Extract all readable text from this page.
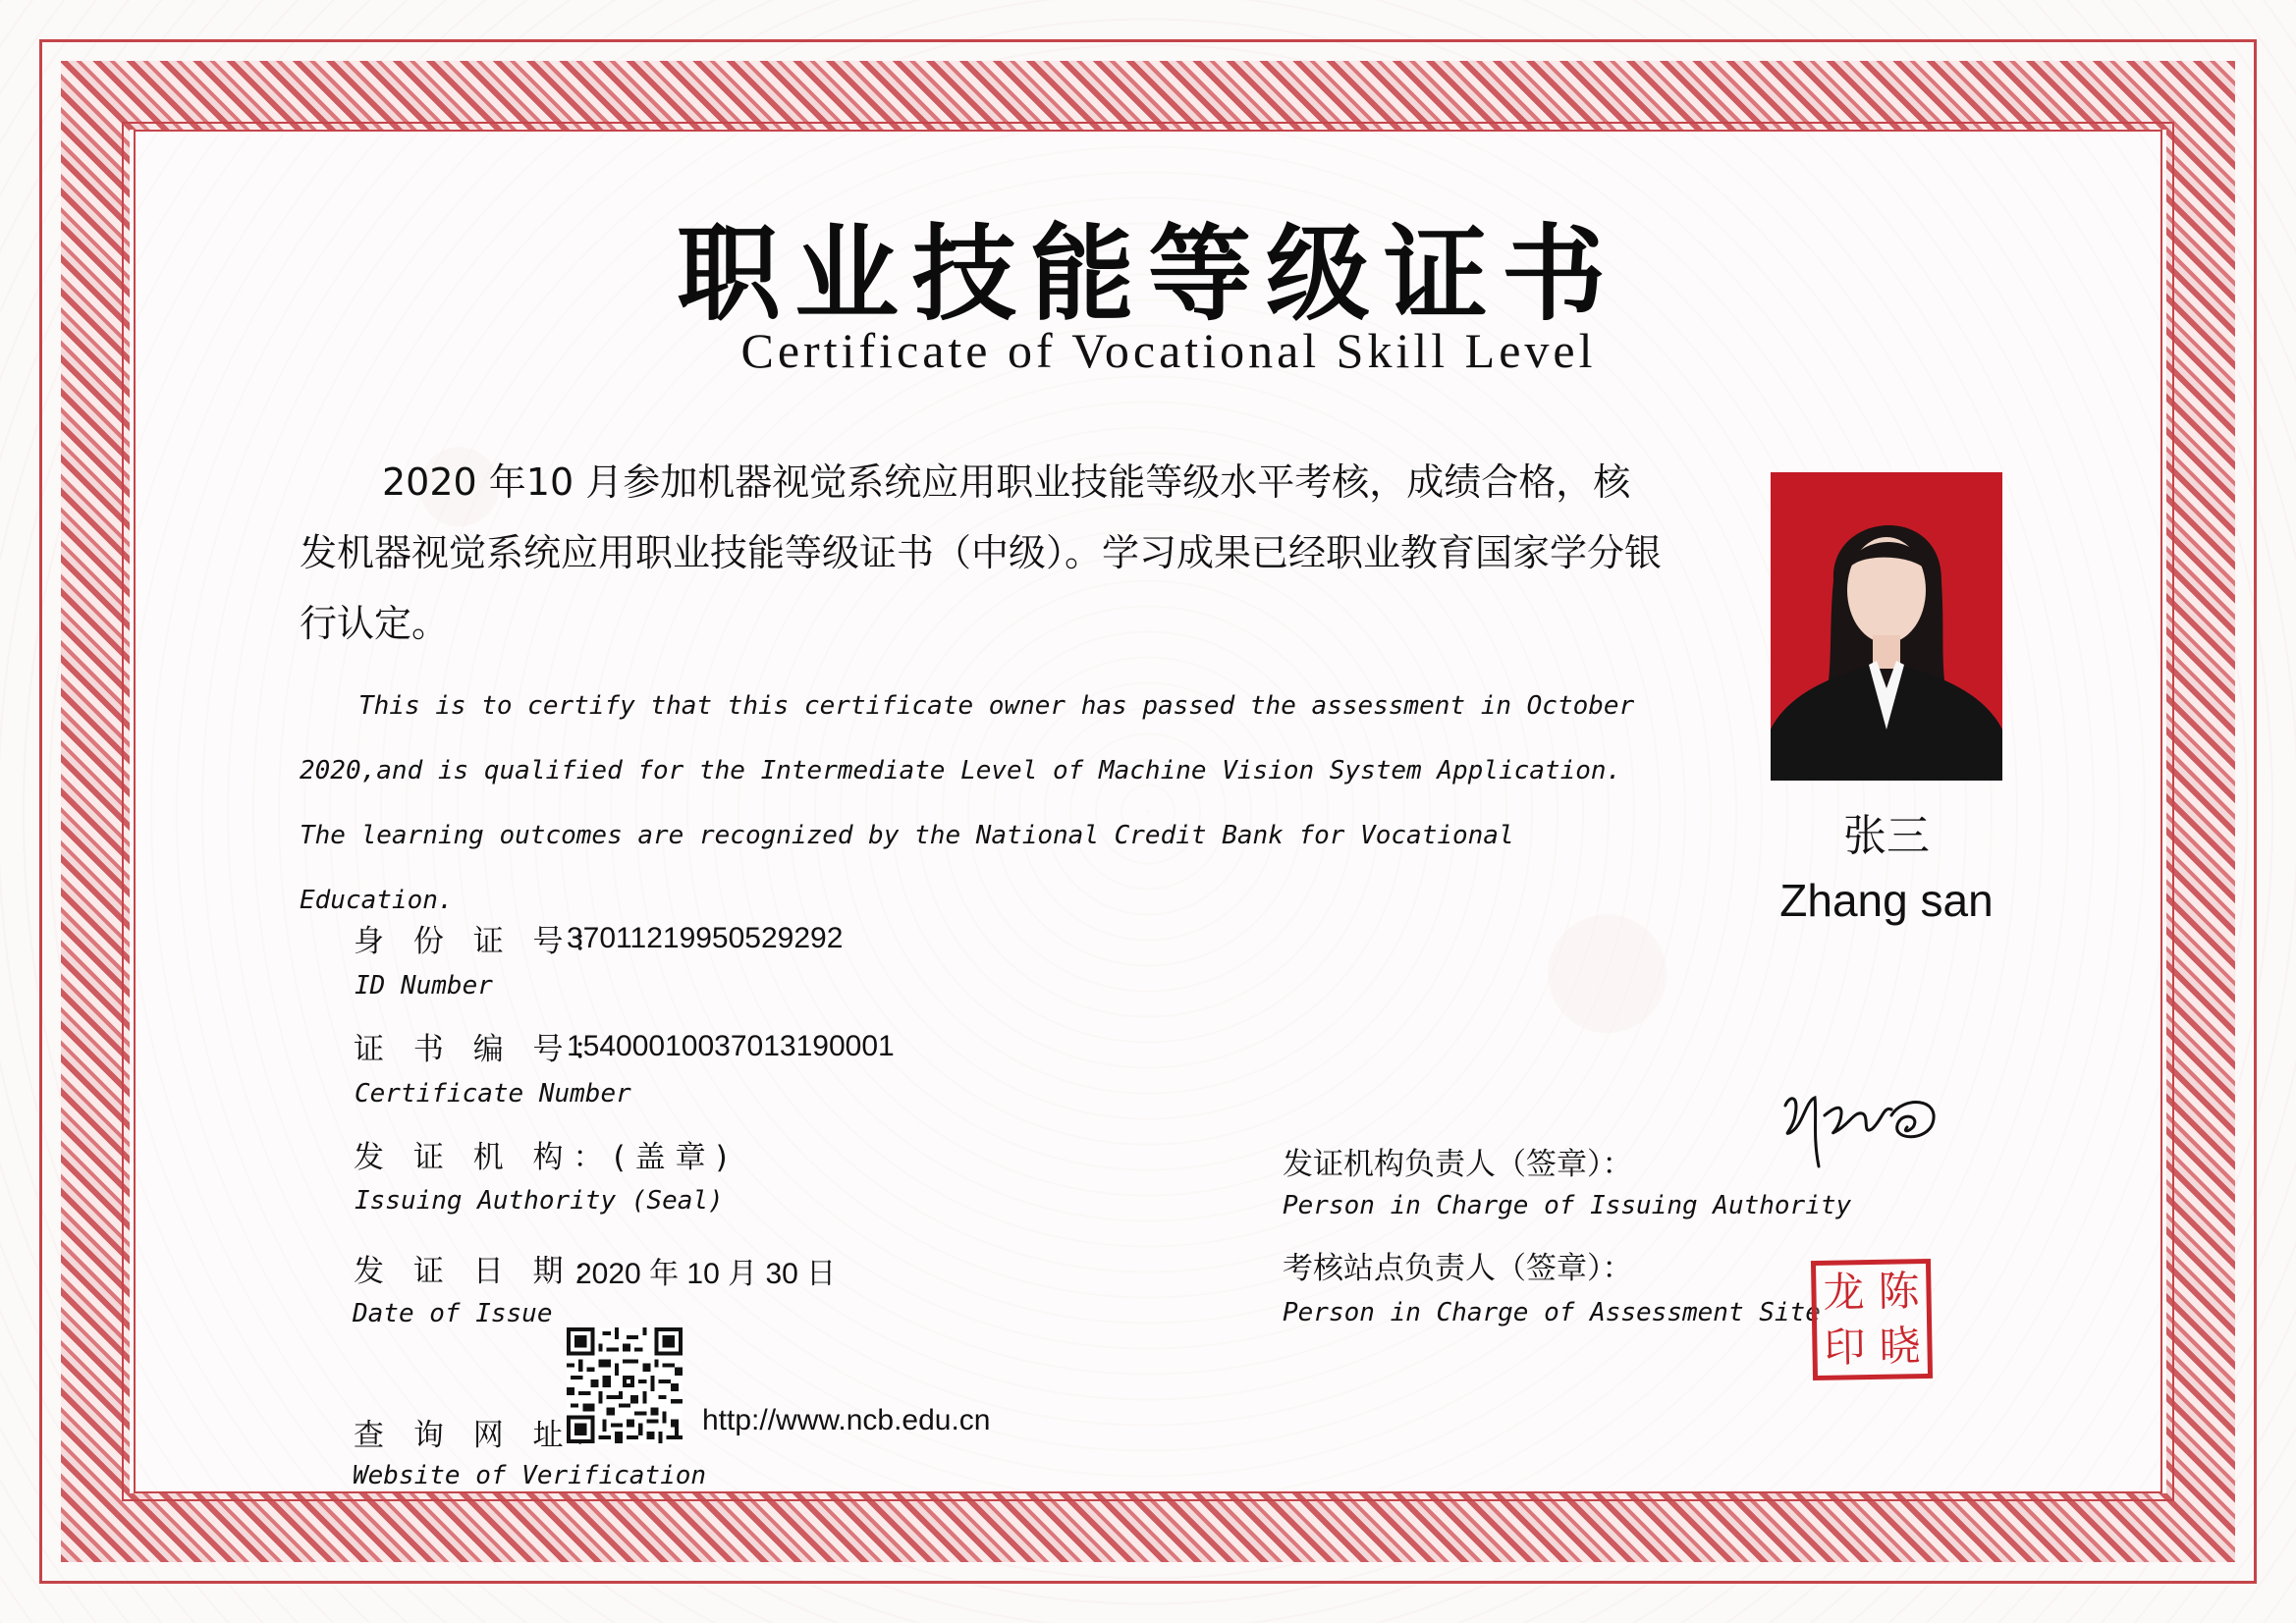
职业技能等级证书
Certificate of Vocational Skill Level
2020 年10 月参加机器视觉系统应用职业技能等级水平考核，成绩合格，核发机器视觉系统应用职业技能等级证书（中级）。学习成果已经职业教育国家学分银行认定。
This is to certify that this certificate owner has passed the assessment in October 2020,and is qualified for the Intermediate Level of Machine Vision System Application. The learning outcomes are recognized by the National Credit Bank for Vocational Education.
张三
Zhang san
身 份 证 号：
37011219950529292
ID Number
证 书 编 号：
15400010037013190001
Certificate Number
发 证 机 构：(盖章)
Issuing Authority (Seal)
发 证 日 期：
2020 年 10 月 30 日
Date of Issue
查 询 网 址：	http://www.ncb.edu.cn
Website of Verification
发证机构负责人（签章）：
Person in Charge of Issuing Authority
考核站点负责人（签章）：
Person in Charge of Assessment Site 陈
龙
晓
印
